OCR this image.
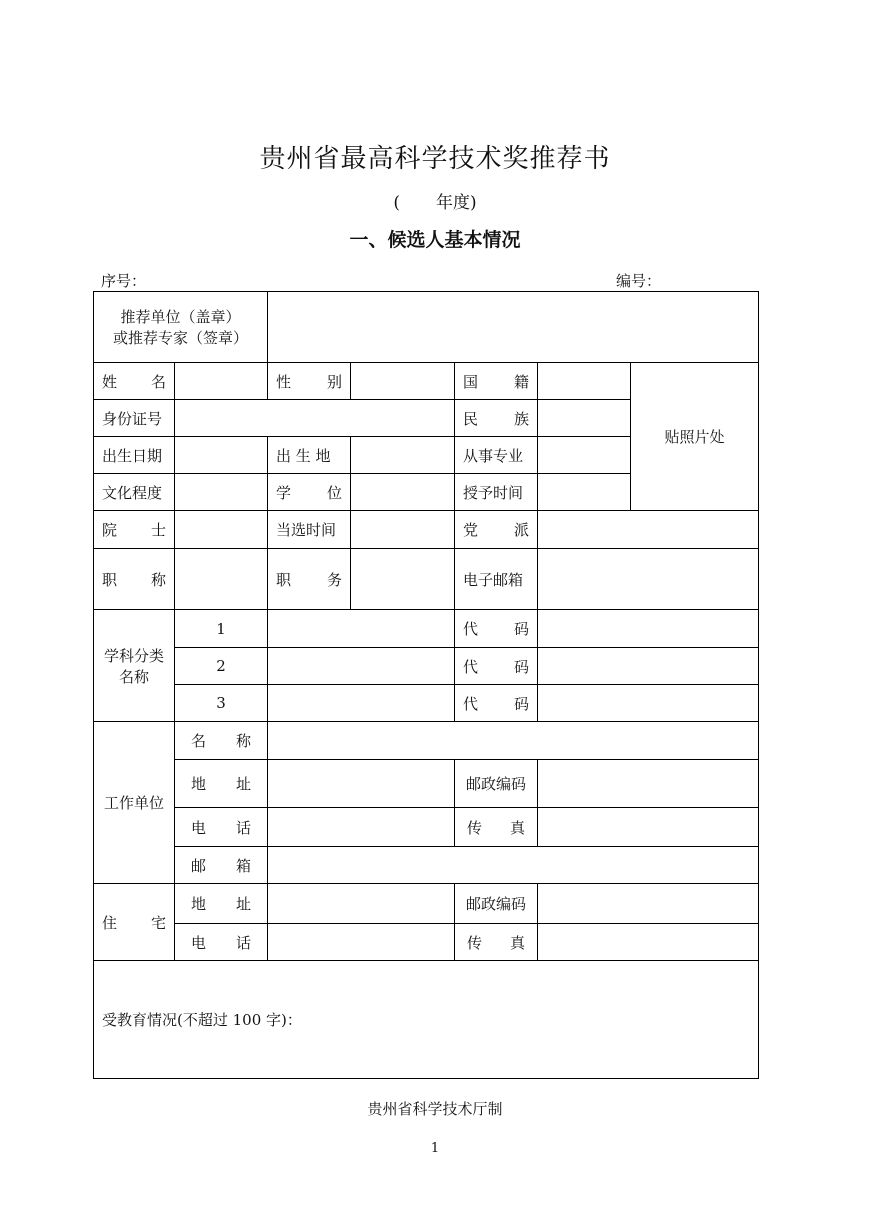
贵州省最高科学技术奖推荐书
( 年度)
一、候选人基本情况
序号：	编号：
推荐单位（盖章）
或推荐专家（签章）						

姓 名		性 别		国 籍		贴照片处
身份证号				民 族		
出生日期		出 生 地		从事专业		
文化程度		学 位		授予时间		
院 士		当选时间		党 派		
职 称		职 务		电子邮箱		

学科分类
名称	1			代 码		
	2			代 码		
	3			代 码		
工作单位	名 称					
	地 址			邮政编码		
	电 话			传 真		
	邮 箱					
住 宅	地 址			邮政编码		
	电 话			传 真		
受教育情况(不超过 100 字)：						
贵州省科学技术厅制
1
